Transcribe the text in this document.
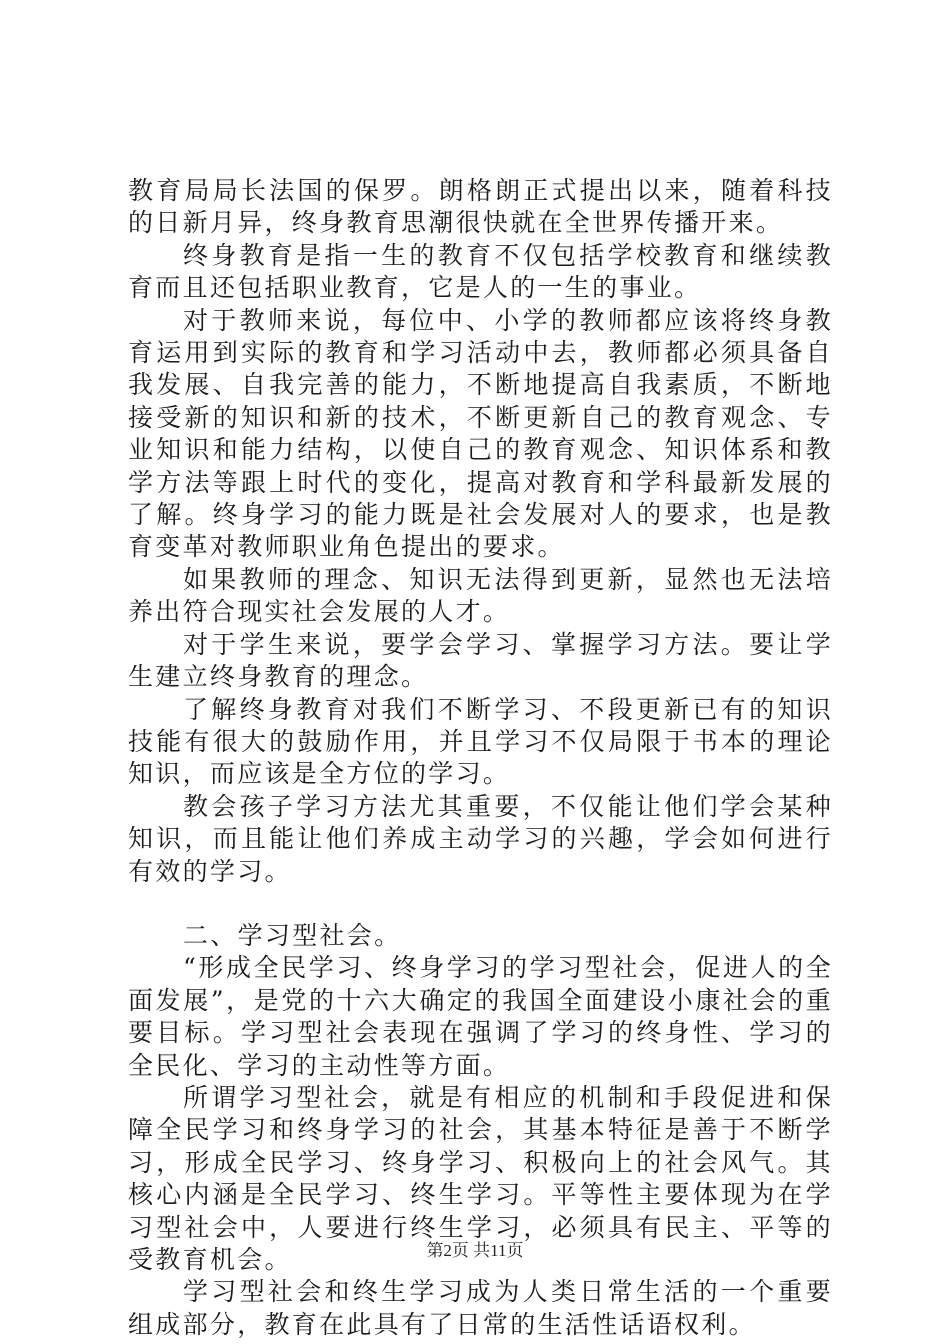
教育局局长法国的保罗。朗格朗正式提出以来，随着科技的日新月异，终身教育思潮很快就在全世界传播开来。

终身教育是指一生的教育不仅包括学校教育和继续教育而且还包括职业教育，它是人的一生的事业。

对于教师来说，每位中、小学的教师都应该将终身教育运用到实际的教育和学习活动中去，教师都必须具备自我发展、自我完善的能力，不断地提高自我素质，不断地接受新的知识和新的技术，不断更新自己的教育观念、专业知识和能力结构，以使自己的教育观念、知识体系和教学方法等跟上时代的变化，提高对教育和学科最新发展的了解。终身学习的能力既是社会发展对人的要求，也是教育变革对教师职业角色提出的要求。

如果教师的理念、知识无法得到更新，显然也无法培养出符合现实社会发展的人才。

对于学生来说，要学会学习、掌握学习方法。要让学生建立终身教育的理念。

了解终身教育对我们不断学习、不段更新已有的知识技能有很大的鼓励作用，并且学习不仅局限于书本的理论知识，而应该是全方位的学习。

教会孩子学习方法尤其重要，不仅能让他们学会某种知识，而且能让他们养成主动学习的兴趣，学会如何进行有效的学习。

二、学习型社会。

“形成全民学习、终身学习的学习型社会，促进人的全面发展”，是党的十六大确定的我国全面建设小康社会的重要目标。学习型社会表现在强调了学习的终身性、学习的全民化、学习的主动性等方面。

所谓学习型社会，就是有相应的机制和手段促进和保障全民学习和终身学习的社会，其基本特征是善于不断学习，形成全民学习、终身学习、积极向上的社会风气。其核心内涵是全民学习、终生学习。平等性主要体现为在学习型社会中，人要进行终生学习，必须具有民主、平等的受教育机会。

学习型社会和终生学习成为人类日常生活的一个重要组成部分，教育在此具有了日常的生活性话语权利。

第2页 共11页
